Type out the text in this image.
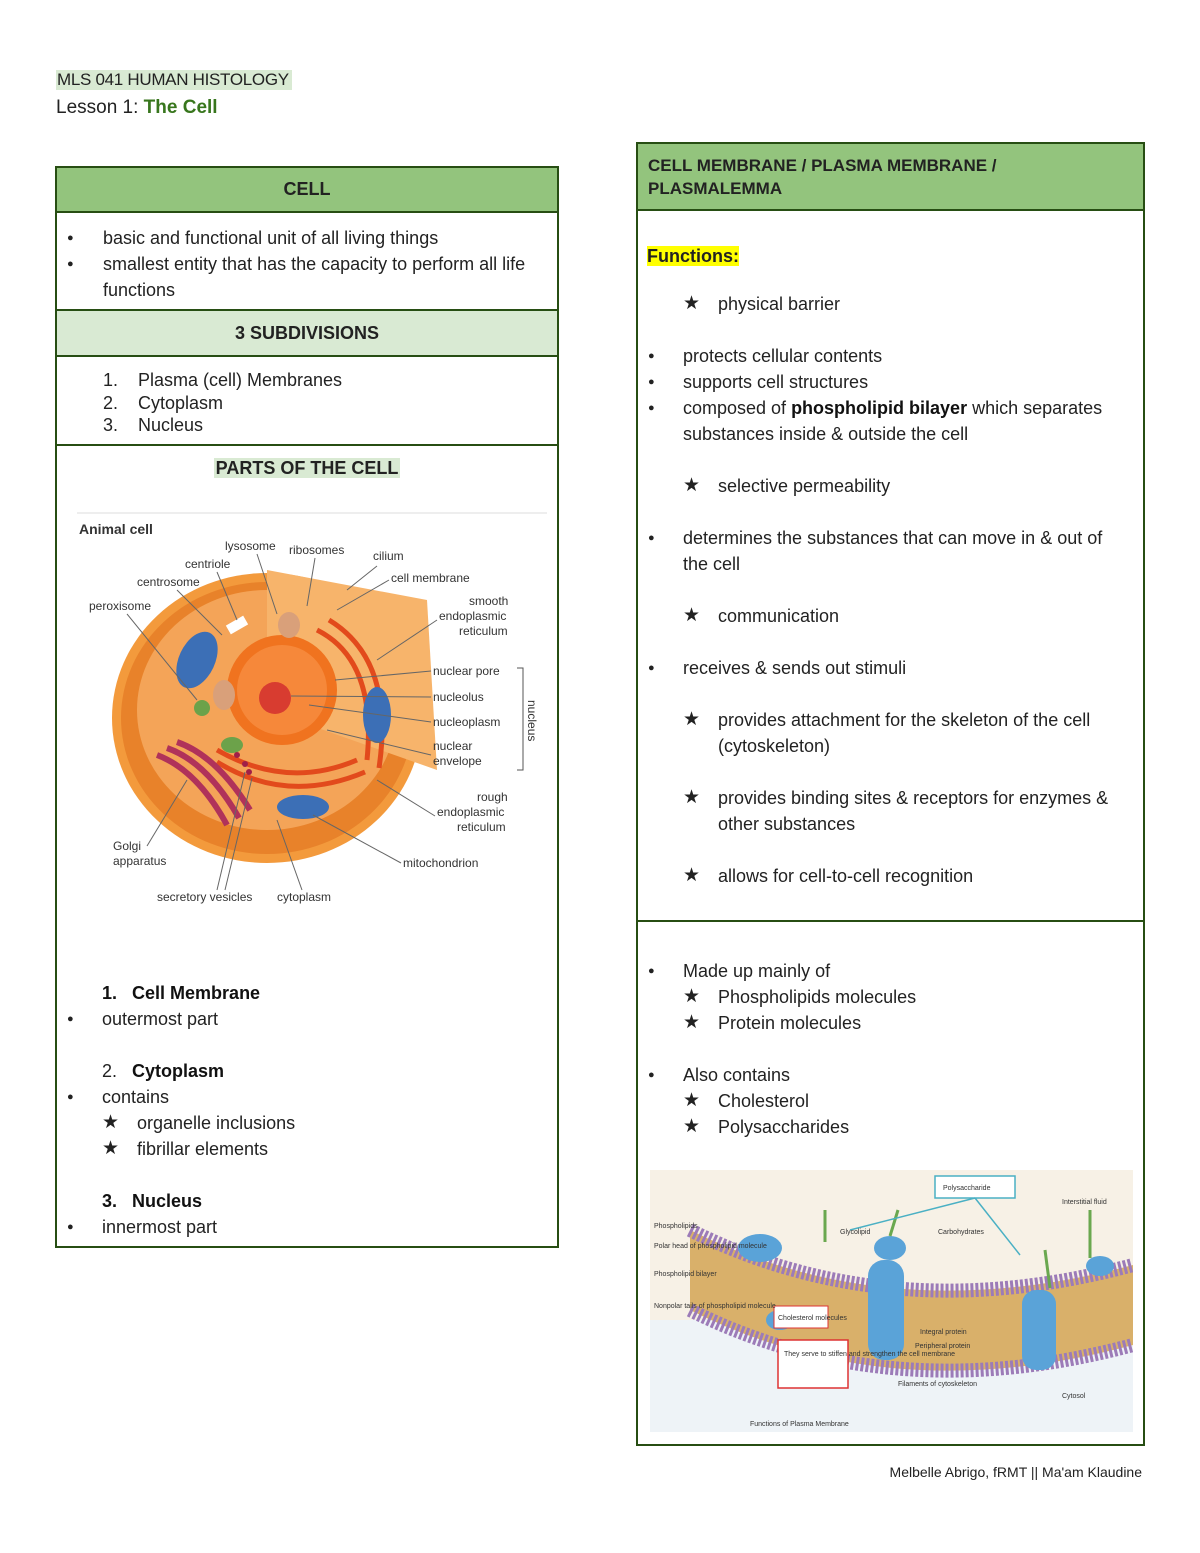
MLS 041 HUMAN HISTOLOGY
Lesson 1: The Cell
CELL
● basic and functional unit of all living things
● smallest entity that has the capacity to perform all life functions
3 SUBDIVISIONS
1. Plasma (cell) Membranes
2. Cytoplasm
3. Nucleus
PARTS OF THE CELL
Animal cell
lysosome ribosomes
centriole
cilium
centrosome	cell membrane
peroxisome	smooth
endoplasmic
reticulum
nuclear pore
nucleolus
nucleoplasm
nuclear
envelope
nucleus
rough
endoplasmic
reticulum
Golgi
apparatus	mitochondrion
secretory vesicles cytoplasm
1. Cell Membrane
● outermost part
2. Cytoplasm
● contains
★ organelle inclusions
★ fibrillar elements
3. Nucleus
● innermost part
CELL MEMBRANE / PLASMA MEMBRANE / PLASMALEMMA
Functions:
★ physical barrier
● protects cellular contents
● supports cell structures
● composed of phospholipid bilayer which separates substances inside & outside the cell
★ selective permeability
● determines the substances that can move in & out of the cell
★ communication
● receives & sends out stimuli
★ provides attachment for the skeleton of the cell (cytoskeleton)
★ provides binding sites & receptors for enzymes & other substances
★ allows for cell-to-cell recognition
● Made up mainly of
★ Phospholipids molecules
★ Protein molecules
● Also contains
★ Cholesterol
★ Polysaccharides
Polysaccharide
They serve to stiffen and strengthen the cell membrane
Cholesterol molecules
Interstitial fluid
Phospholipids
Polar head of phospholipid molecule
Glycolipid	Carbohydrates
Phospholipid bilayer
Nonpolar tails of phospholipid molecule
Integral protein
Peripheral protein
Filaments of cytoskeleton
Cytosol
Functions of Plasma Membrane
Melbelle Abrigo, fRMT || Ma'am Klaudine
